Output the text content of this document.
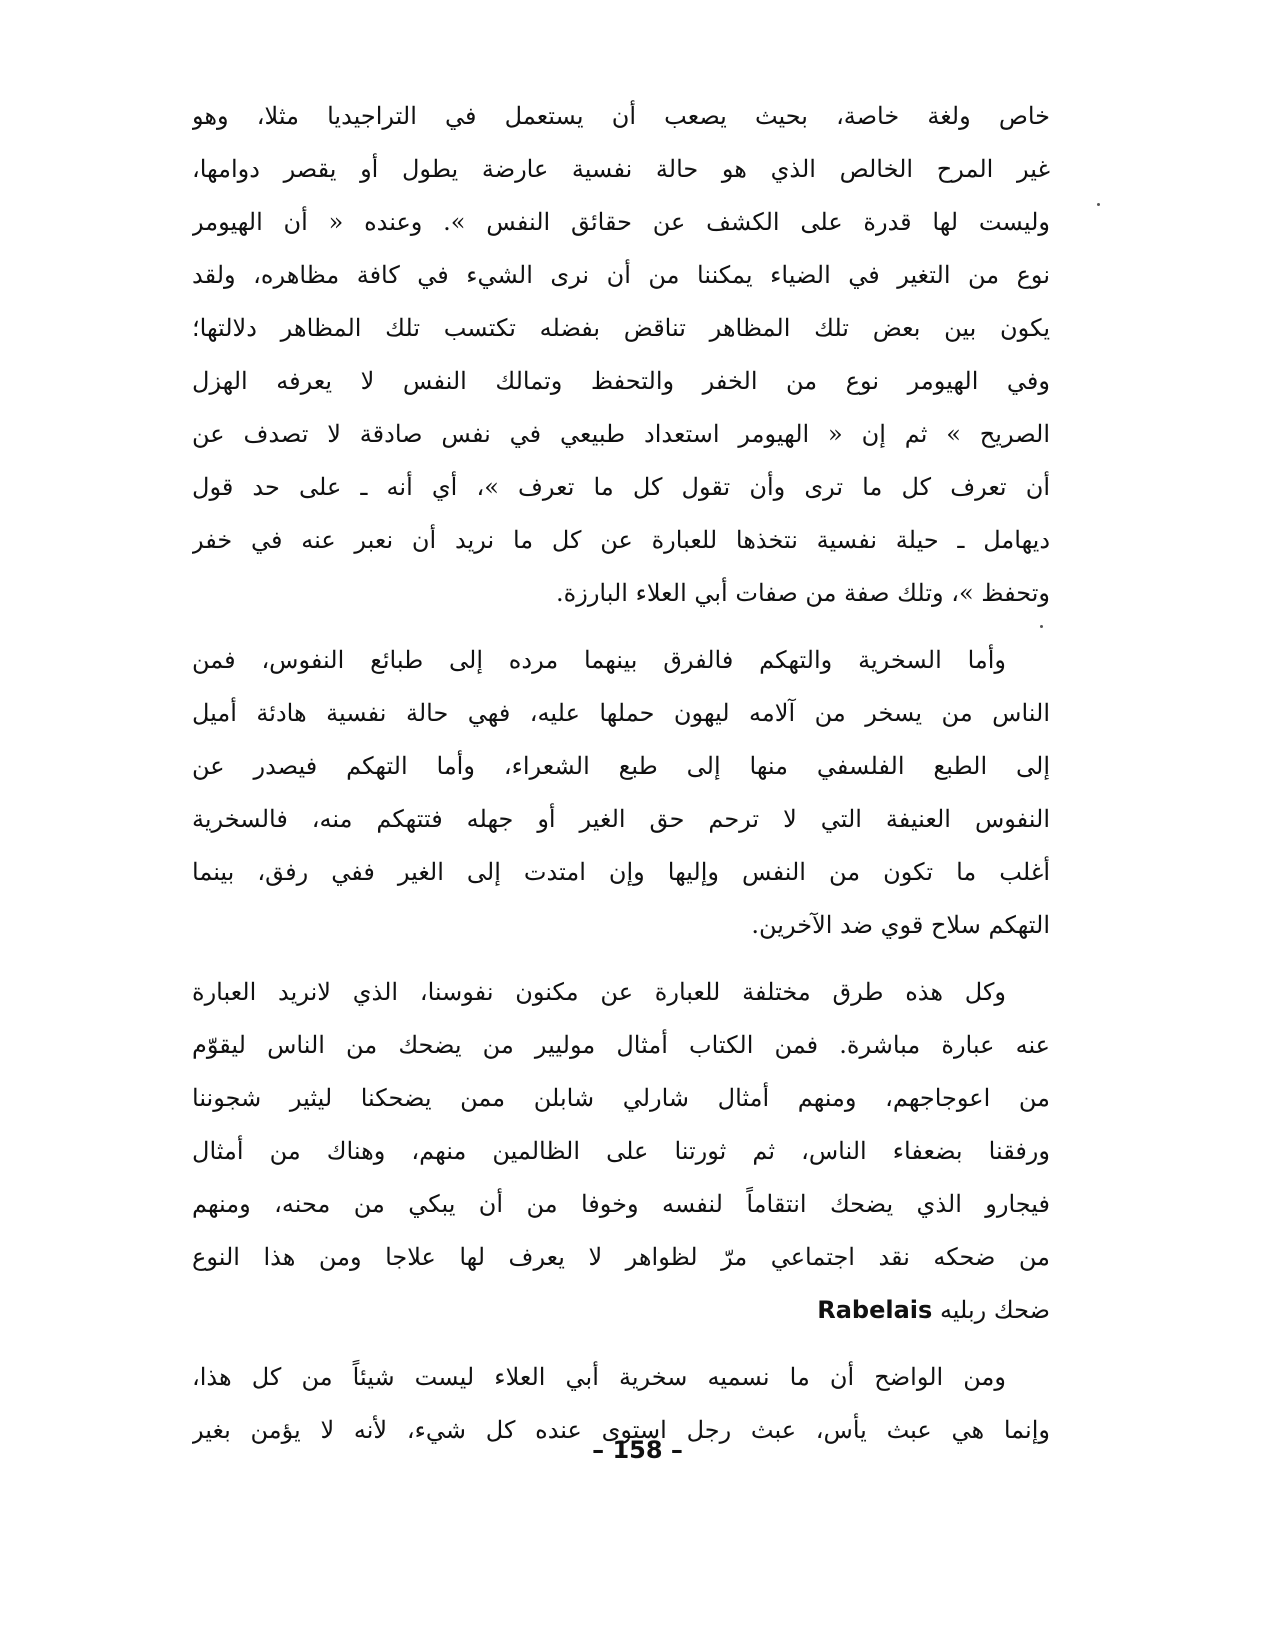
خاص ولغة خاصة، بحيث يصعب أن يستعمل في التراجيديا مثلا، وهو
غير المرح الخالص الذي هو حالة نفسية عارضة يطول أو يقصر دوامها،
وليست لها قدرة على الكشف عن حقائق النفس ». وعنده « أن الهيومر
نوع من التغير في الضياء يمكننا من أن نرى الشيء في كافة مظاهره، ولقد
يكون بين بعض تلك المظاهر تناقض بفضله تكتسب تلك المظاهر دلالتها؛
وفي الهيومر نوع من الخفر والتحفظ وتمالك النفس لا يعرفه الهزل
الصريح » ثم إن « الهيومر استعداد طبيعي في نفس صادقة لا تصدف عن
أن تعرف كل ما ترى وأن تقول كل ما تعرف »، أي أنه ـ على حد قول
ديهامل ـ حيلة نفسية نتخذها للعبارة عن كل ما نريد أن نعبر عنه في خفر
وتحفظ »، وتلك صفة من صفات أبي العلاء البارزة.
وأما السخرية والتهكم فالفرق بينهما مرده إلى طبائع النفوس، فمن
الناس من يسخر من آلامه ليهون حملها عليه، فهي حالة نفسية هادئة أميل
إلى الطبع الفلسفي منها إلى طبع الشعراء، وأما التهكم فيصدر عن
النفوس العنيفة التي لا ترحم حق الغير أو جهله فتتهكم منه، فالسخرية
أغلب ما تكون من النفس وإليها وإن امتدت إلى الغير ففي رفق، بينما
التهكم سلاح قوي ضد الآخرين.
وكل هذه طرق مختلفة للعبارة عن مكنون نفوسنا، الذي لانريد العبارة
عنه عبارة مباشرة. فمن الكتاب أمثال موليير من يضحك من الناس ليقوّم
من اعوجاجهم، ومنهم أمثال شارلي شابلن ممن يضحكنا ليثير شجوننا
ورفقنا بضعفاء الناس، ثم ثورتنا على الظالمين منهم، وهناك من أمثال
فيجارو الذي يضحك انتقاماً لنفسه وخوفا من أن يبكي من محنه، ومنهم
من ضحكه نقد اجتماعي مرّ لظواهر لا يعرف لها علاجا ومن هذا النوع
ضحك ربليه Rabelais
ومن الواضح أن ما نسميه سخرية أبي العلاء ليست شيئاً من كل هذا،
وإنما هي عبث يأس، عبث رجل استوى عنده كل شيء، لأنه لا يؤمن بغير
– 158 –
